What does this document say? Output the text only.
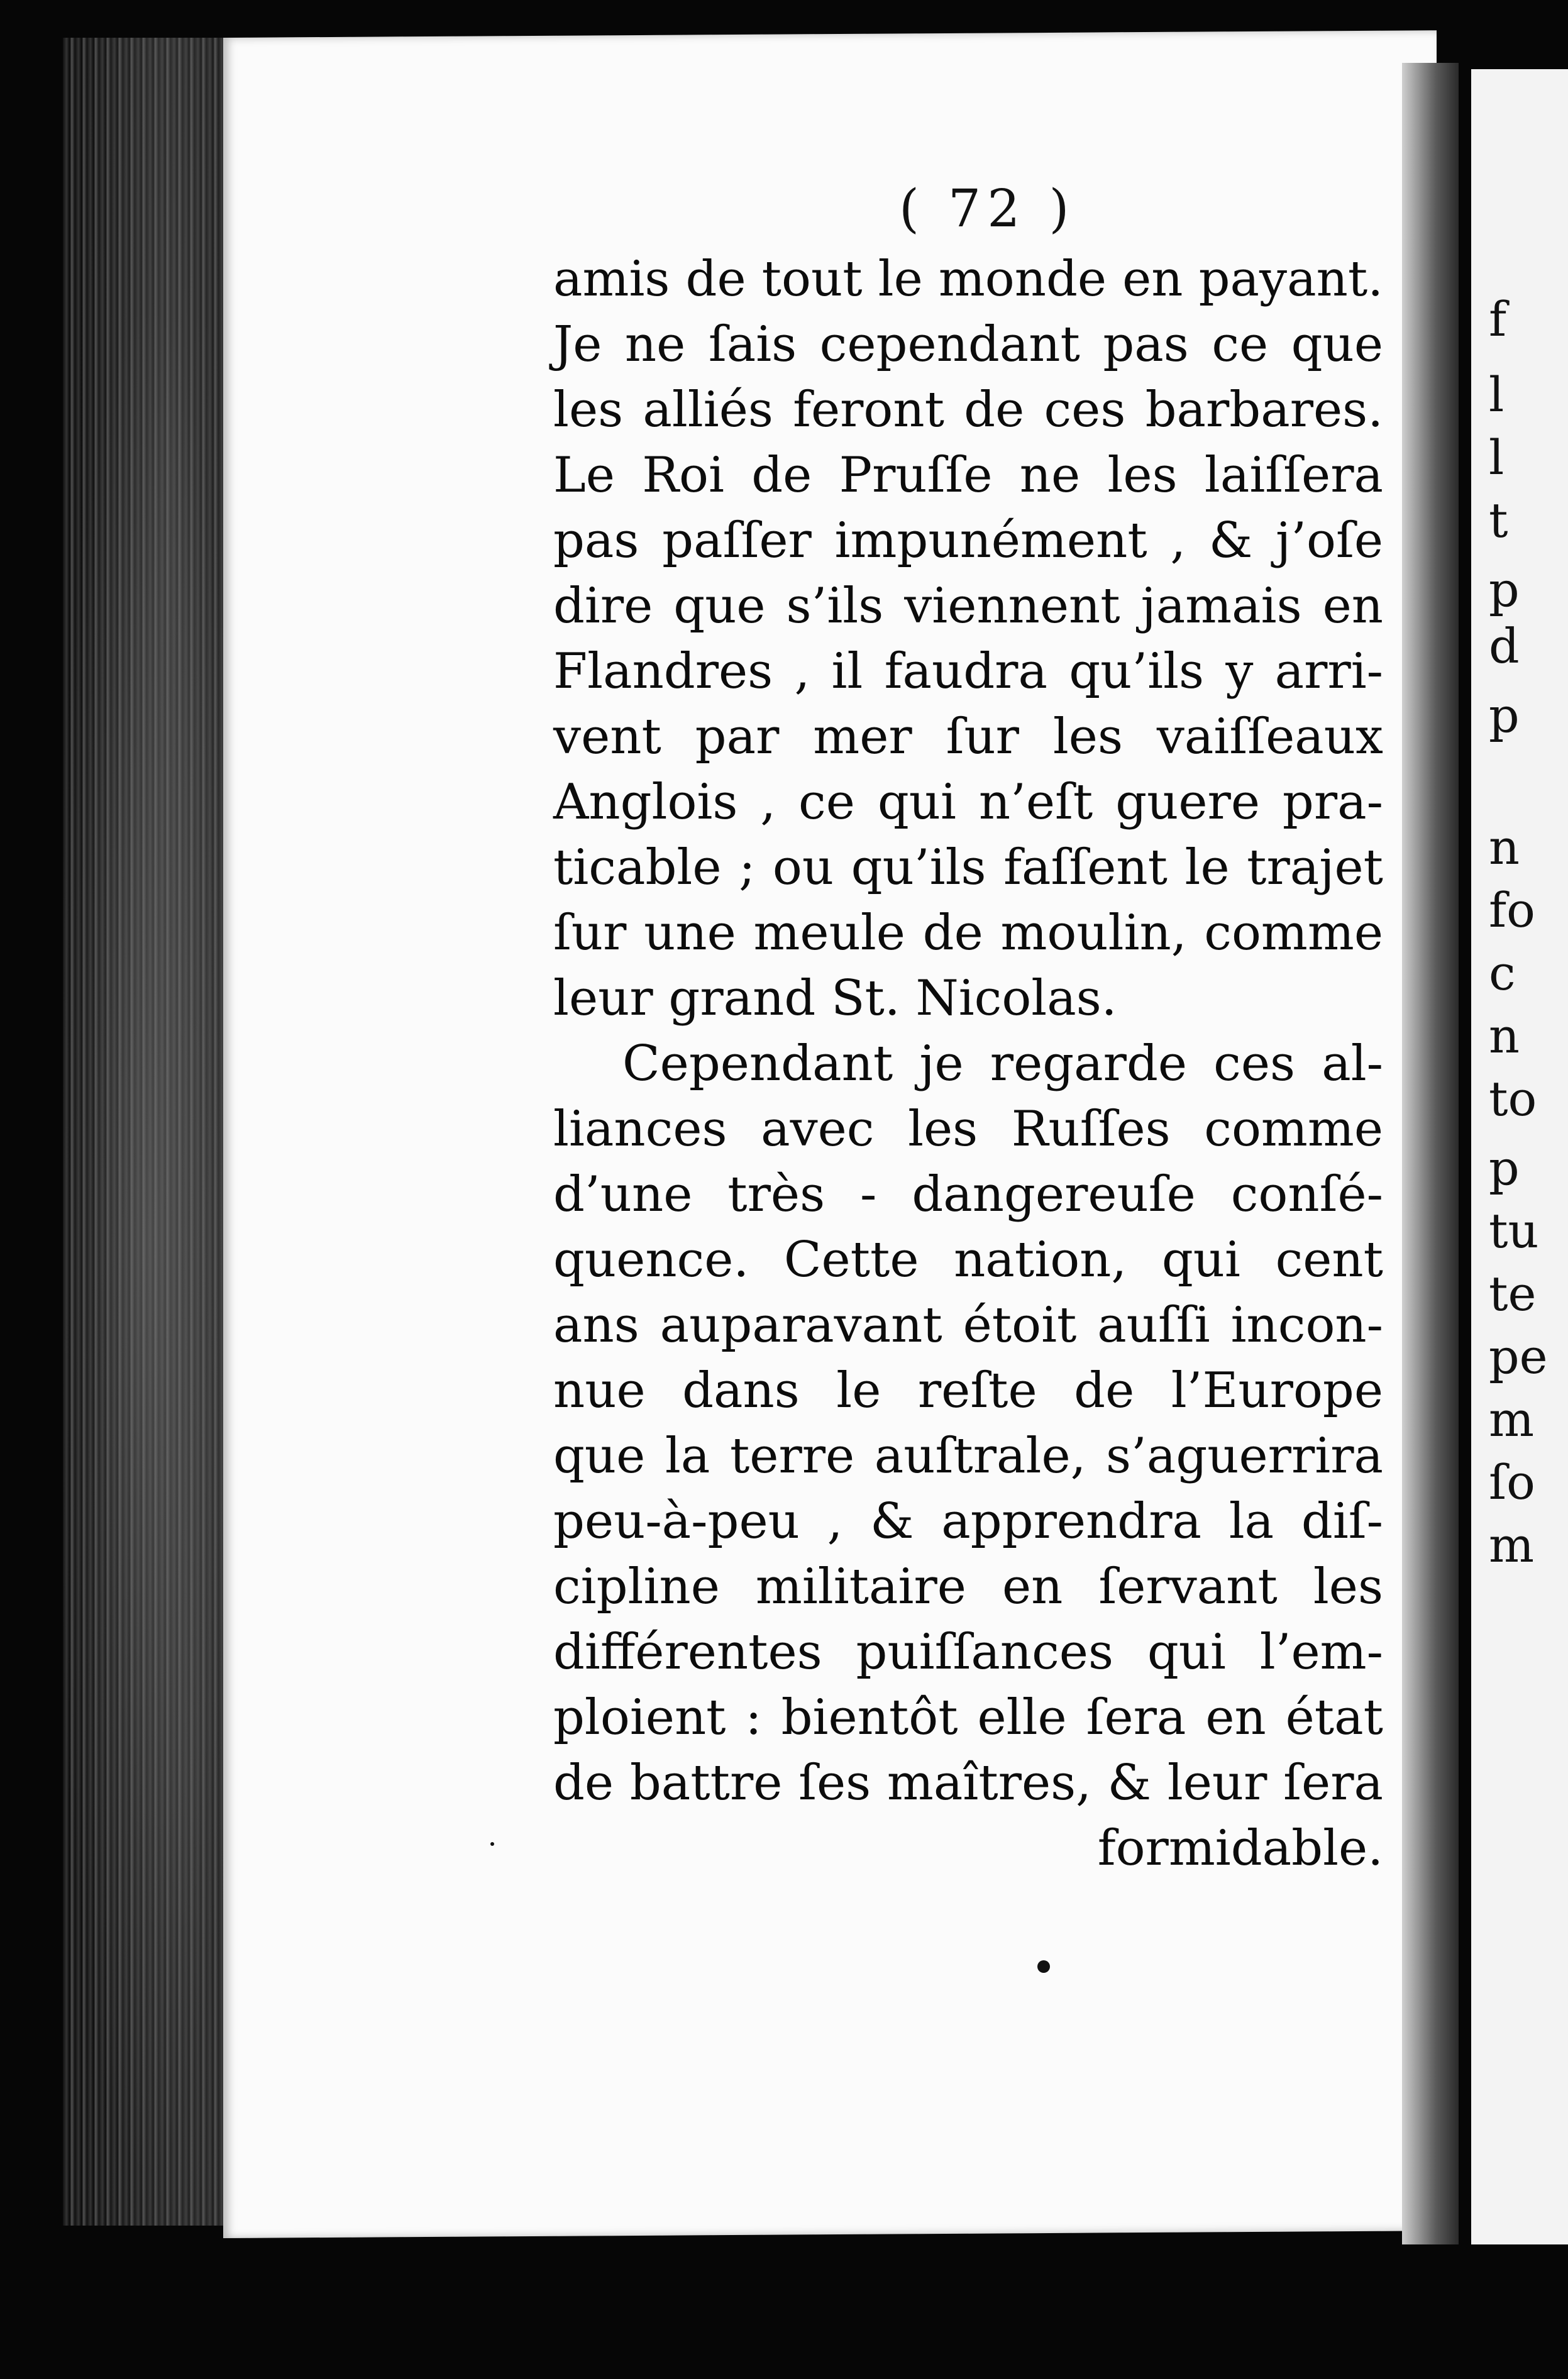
f
l
l
t
p
d
p
n
fo
c
n
to
p
tu
te
pe
m
ſo
m
( 72 )
amis de tout le monde en payant.
Je ne ſais cependant pas ce que
les alliés feront de ces barbares.
Le Roi de Pruſſe ne les laiſſera
pas paſſer impunément , & j’oſe
dire que s’ils viennent jamais en
Flandres , il faudra qu’ils y arri-
vent par mer ſur les vaiſſeaux
Anglois , ce qui n’eſt guere pra-
ticable ; ou qu’ils faſſent le trajet
ſur une meule de moulin, comme
leur grand St. Nicolas.
Cependant je regarde ces al-
liances avec les Ruſſes comme
d’une très - dangereuſe conſé-
quence. Cette nation, qui cent
ans auparavant étoit auſſi incon-
nue dans le reſte de l’Europe
que la terre auſtrale, s’aguerrira
peu-à-peu , & apprendra la diſ-
cipline militaire en ſervant les
différentes puiſſances qui l’em-
ploient : bientôt elle ſera en état
de battre ſes maîtres, & leur ſera
formidable.
